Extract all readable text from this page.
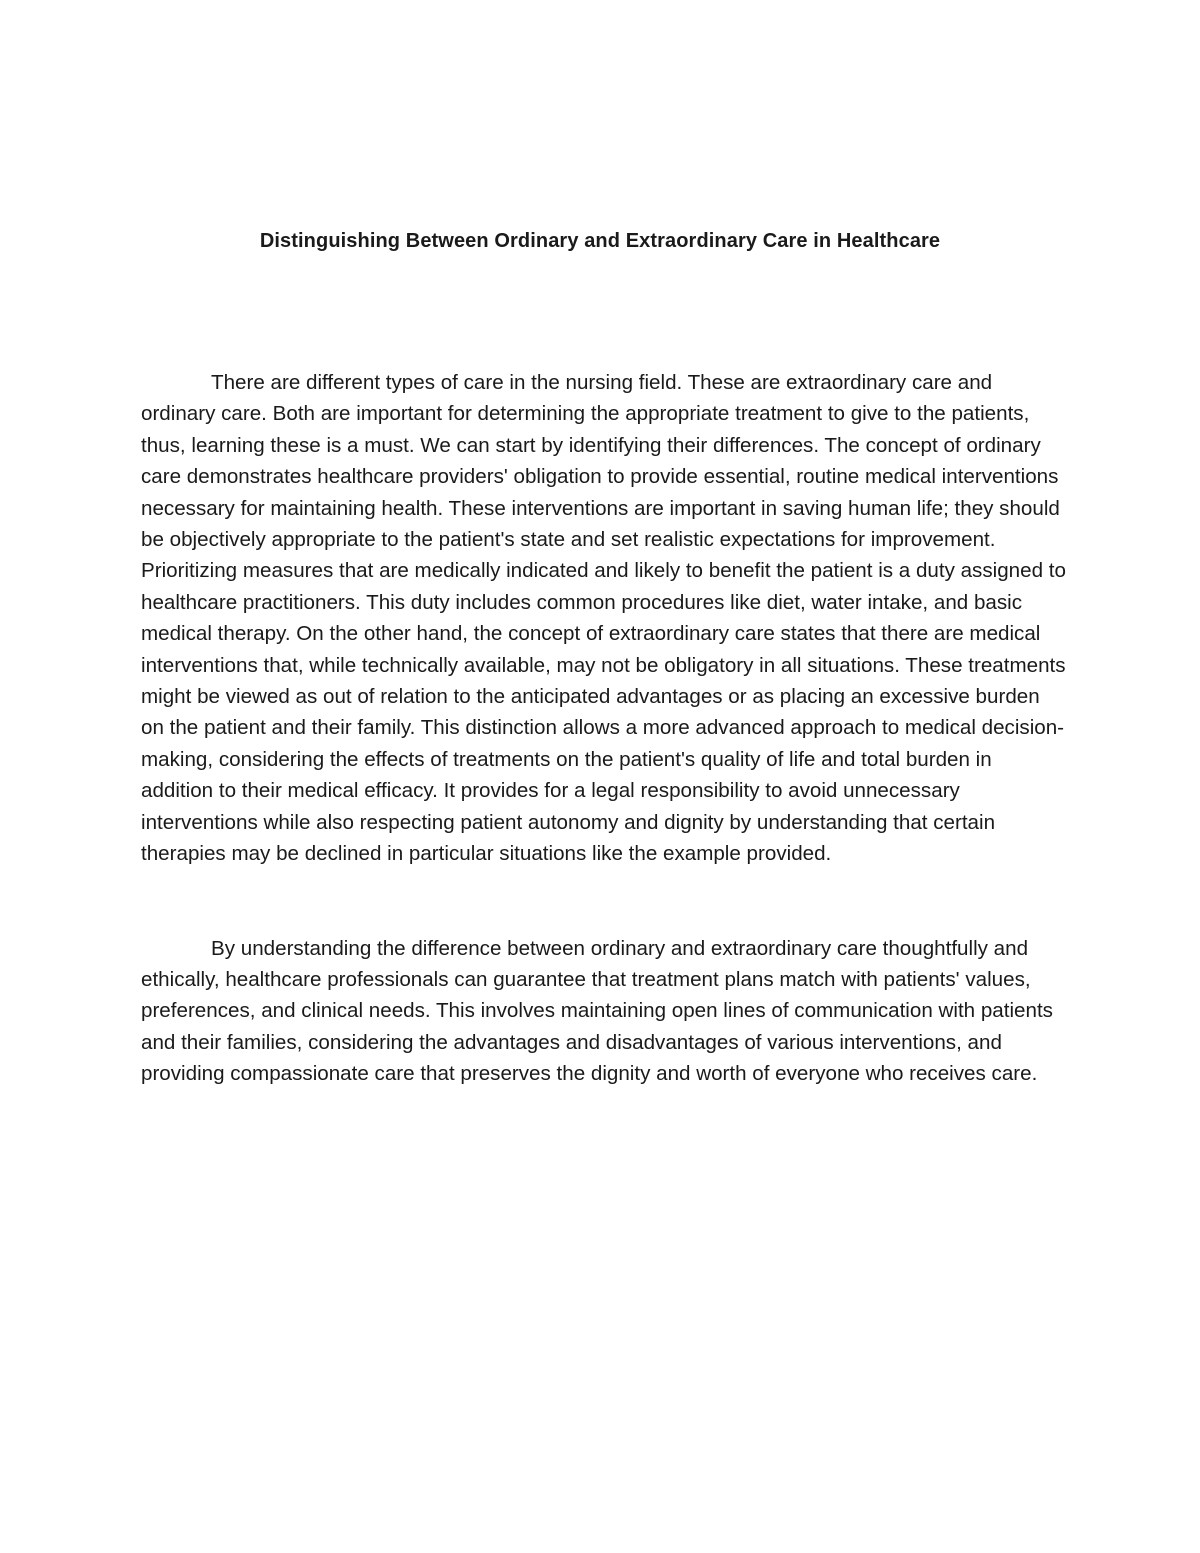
Distinguishing Between Ordinary and Extraordinary Care in Healthcare

There are different types of care in the nursing field. These are extraordinary care and ordinary care. Both are important for determining the appropriate treatment to give to the patients, thus, learning these is a must. We can start by identifying their differences. The concept of ordinary care demonstrates healthcare providers' obligation to provide essential, routine medical interventions necessary for maintaining health. These interventions are important in saving human life; they should be objectively appropriate to the patient's state and set realistic expectations for improvement. Prioritizing measures that are medically indicated and likely to benefit the patient is a duty assigned to healthcare practitioners. This duty includes common procedures like diet, water intake, and basic medical therapy. On the other hand, the concept of extraordinary care states that there are medical interventions that, while technically available, may not be obligatory in all situations. These treatments might be viewed as out of relation to the anticipated advantages or as placing an excessive burden on the patient and their family. This distinction allows a more advanced approach to medical decision-making, considering the effects of treatments on the patient's quality of life and total burden in addition to their medical efficacy. It provides for a legal responsibility to avoid unnecessary interventions while also respecting patient autonomy and dignity by understanding that certain therapies may be declined in particular situations like the example provided.

By understanding the difference between ordinary and extraordinary care thoughtfully and ethically, healthcare professionals can guarantee that treatment plans match with patients' values, preferences, and clinical needs. This involves maintaining open lines of communication with patients and their families, considering the advantages and disadvantages of various interventions, and providing compassionate care that preserves the dignity and worth of everyone who receives care.
